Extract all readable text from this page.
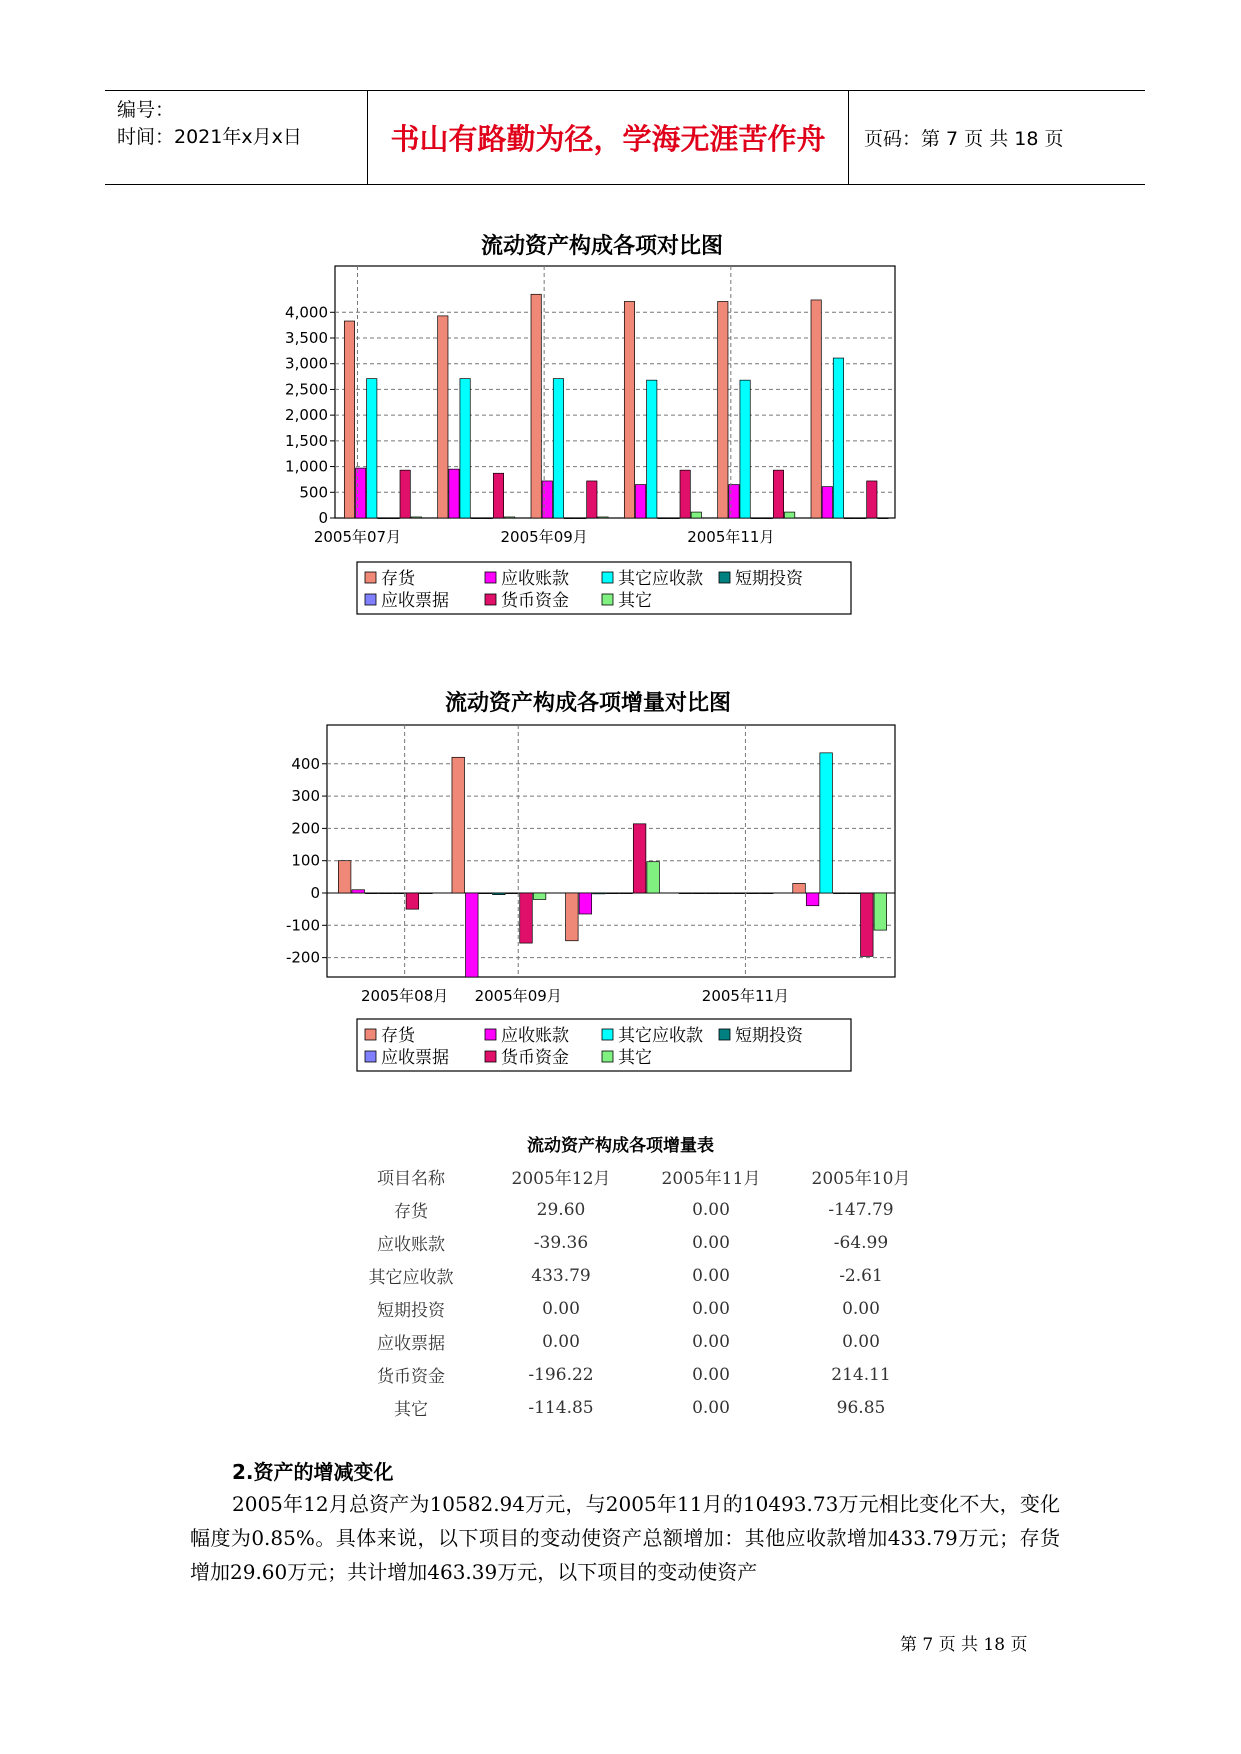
编号：
时间：2021年x月x日	书山有路勤为径，学海无涯苦作舟	页码：第 7 页 共 18 页
流动资产构成各项对比图
0
500
1,000
1,500
2,000
2,500
3,000
3,500
4,000
2005年07月	2005年09月	2005年11月
存货	应收账款	其它应收款 短期投资
应收票据	货币资金	其它
流动资产构成各项增量对比图
-200
-100
0
100
200
300
400
2005年08月 2005年09月	2005年11月
存货	应收账款	其它应收款 短期投资
应收票据	货币资金	其它
流动资产构成各项增量表
项目名称	2005年12月	2005年11月	2005年10月
存货	29.60	0.00	-147.79
应收账款	-39.36	0.00	-64.99
其它应收款	433.79	0.00	-2.61
短期投资	0.00	0.00	0.00
应收票据	0.00	0.00	0.00
货币资金	-196.22	0.00	214.11
其它	-114.85	0.00	96.85
2.资产的增减变化
2005年12月总资产为10582.94万元，与2005年11月的10493.73万元相比变化不大，变化幅度为0.85%。具体来说，以下项目的变动使资产总额增加：其他应收款增加433.79万元；存货增加29.60万元；共计增加463.39万元，以下项目的变动使资产
第 7 页 共 18 页
